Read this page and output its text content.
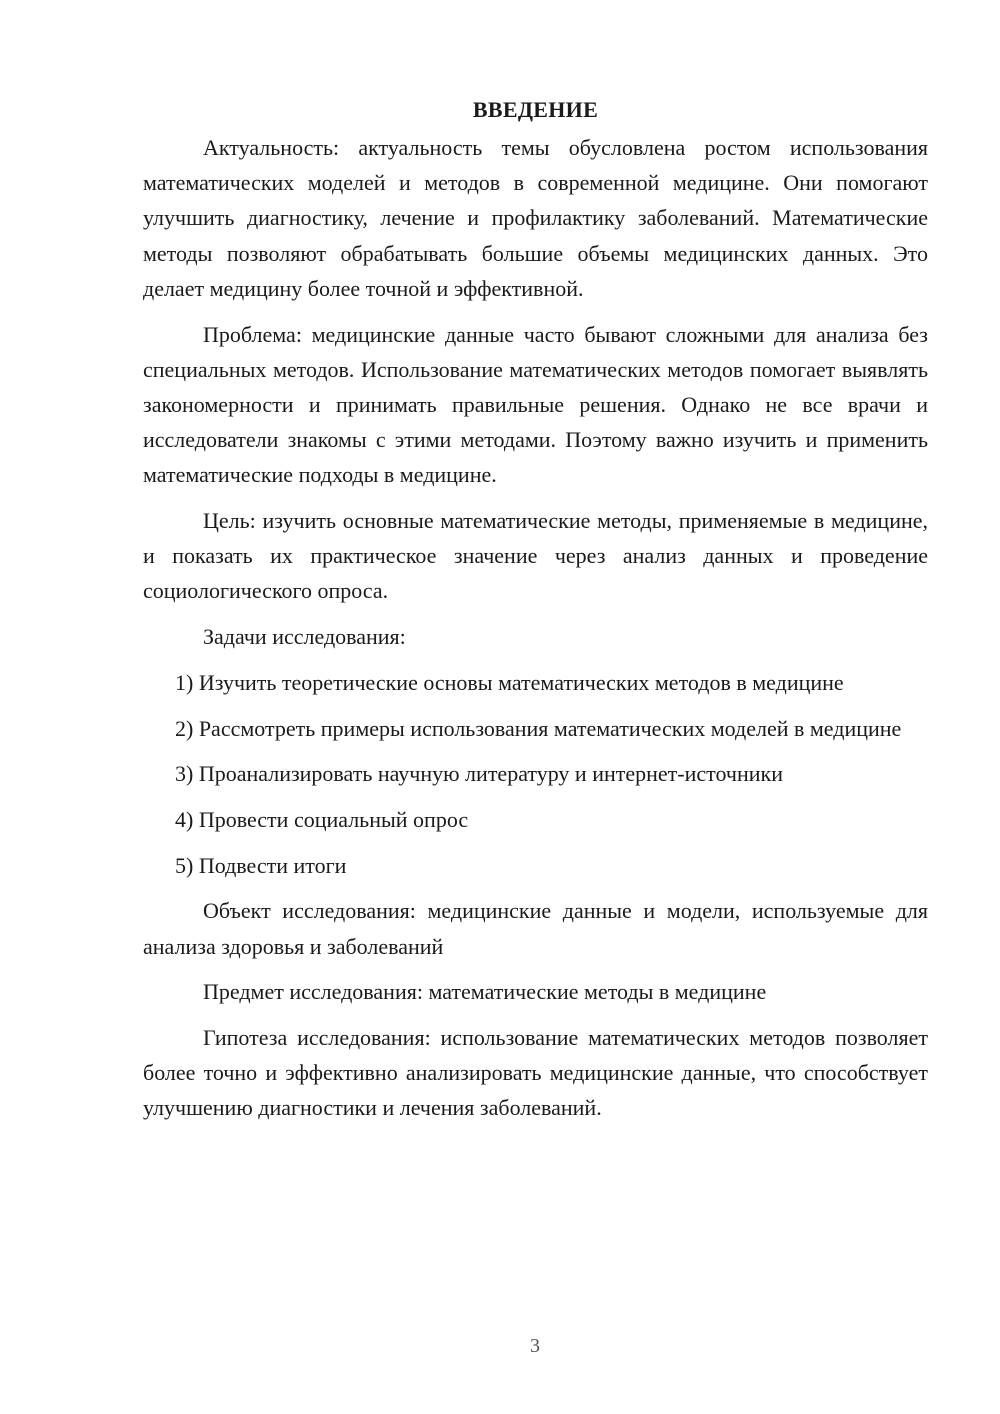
ВВЕДЕНИЕ

Актуальность: актуальность темы обусловлена ростом использования математических моделей и методов в современной медицине. Они помогают улучшить диагностику, лечение и профилактику заболеваний. Математические методы позволяют обрабатывать большие объемы медицинских данных. Это делает медицину более точной и эффективной.

Проблема: медицинские данные часто бывают сложными для анализа без специальных методов. Использование математических методов помогает выявлять закономерности и принимать правильные решения. Однако не все врачи и исследователи знакомы с этими методами. Поэтому важно изучить и применить математические подходы в медицине.

Цель: изучить основные математические методы, применяемые в медицине, и показать их практическое значение через анализ данных и проведение социологического опроса.

Задачи исследования:

1) Изучить теоретические основы математических методов в медицине

2) Рассмотреть примеры использования математических моделей в медицине

3) Проанализировать научную литературу и интернет-источники

4) Провести социальный опрос

5) Подвести итоги

Объект исследования: медицинские данные и модели, используемые для анализа здоровья и заболеваний

Предмет исследования: математические методы в медицине

Гипотеза исследования: использование математических методов позволяет более точно и эффективно анализировать медицинские данные, что способствует улучшению диагностики и лечения заболеваний.

3
